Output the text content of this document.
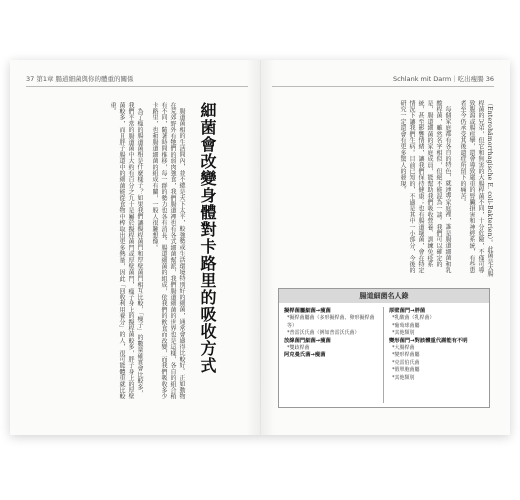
37 第1章 腸道細菌與你的體重的關係	Schlank mit Darm｜吃出瘦腸 36

腸道菌相的生活間內，並不總是天下太平，較強勢或生活環境特別好的細菌，通常會過得比較好。正如動物在荒郊野外有牠們的弱肉強食，我們腸道裡也有各式細菌幫派，我們腸道細菌的世界也是這樣，各自的組合稍有不同，隨著時間推移，每一群的勢力也各有消長。腸道細菌的組成，依我們的飲食而改變，而我們吸收多少卡路里，也和腸道細菌的組成有關，一般人很難想像。

為了瘦的腸道菌相是什麼樣子？如果我們讓擬桿菌門和厚壁菌門相互比較，「瘦子」的數量確實會比較多，我們平常的腸道菌中大約有百分之九十是屬於擬桿菌門或厚壁菌門，瘦子身上的擬桿菌較多，胖子身上的厚壁菌較多，而且胖子腸道中的細菌能從食物中榨取出更多熱量，因此「回收利用養分」的人，很可能體重就比較重。	細菌會改變身體對卡路里的吸收方式	（Enterohämorrhagische E. coli-Bakterien）。此菌是大腸桿菌的兄弟，但它和無害的大腸桿菌不同，十分危險，不僅可導致腹瀉或腸痙攣，還會導致嚴重的腎臟損害和神經系統，有些患者至今仍承受其後遺症所留下的痛苦。

每個家庭都有各自的特色，就連專家庭裡，誰是腸道細菌和乳酸桿菌，雖然名字相似，但絕不能混為一談。我們可以確定的是，腸道細菌的家庭成員，能幫助我們吸收營養、訓練免疫系統，甚至影響情緒，讓我們保持健康；也有腸道壞菌，會在特定情況下讓我們生病。目前已知的，不過是其中一小部分，今後的研究一定還會有更多驚人的發現。

腸道細菌名人錄
擬桿菌屬細菌→瘦菌
*擬桿菌屬菌（多形擬桿菌、卵形擬桿菌等）
*普雷沃氏菌（例如普雷沃氏菌）
放線菌門細菌→瘦菌
*雙歧桿菌
阿克曼氏菌→瘦菌
厚壁菌門→胖菌
*乳酸菌（乳桿菌）
*葡萄球菌屬
*其他類別
變形菌門→對該體重代謝能有不明
*大腸桿菌
*變形桿菌屬
*克雷伯氏菌
*假單胞菌屬
*其他類別
